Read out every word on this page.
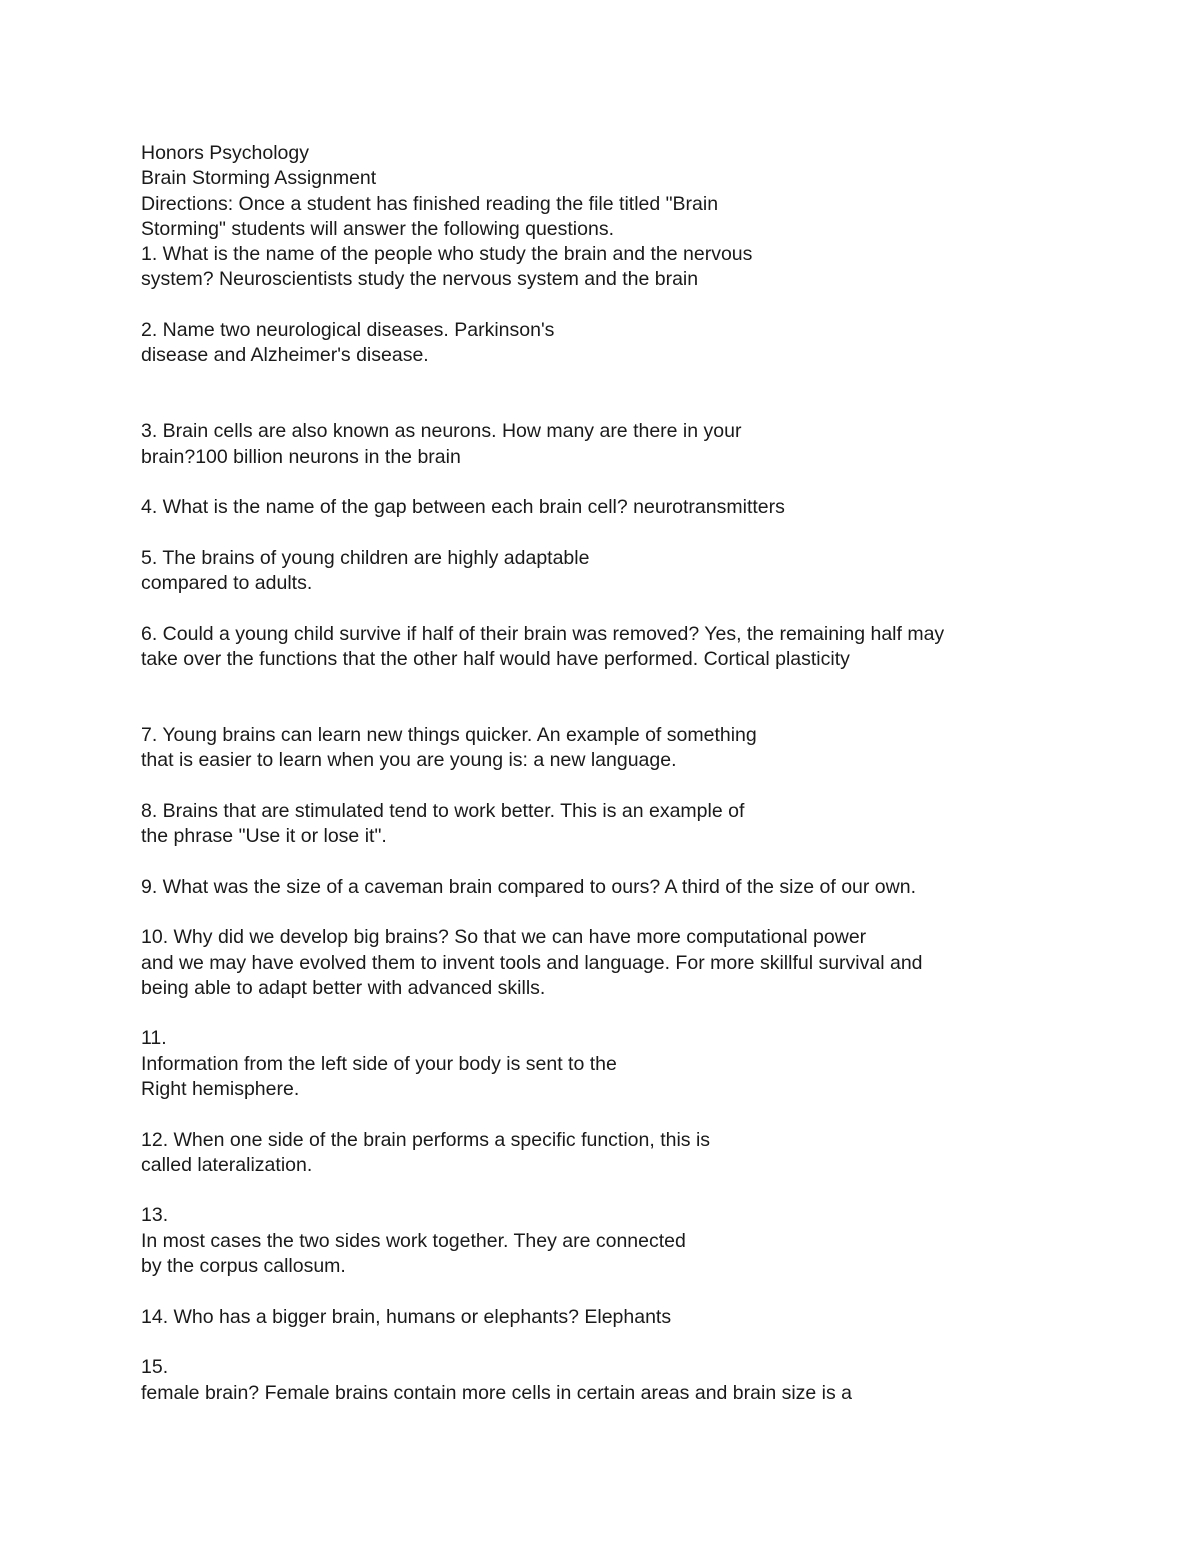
Honors Psychology
Brain Storming Assignment
Directions: Once a student has finished reading the file titled "Brain
Storming" students will answer the following questions.
1. What is the name of the people who study the brain and the nervous
system? Neuroscientists study the nervous system and the brain
2. Name two neurological diseases. Parkinson's
disease and Alzheimer's disease.
3. Brain cells are also known as neurons. How many are there in your
brain?100 billion neurons in the brain
4. What is the name of the gap between each brain cell? neurotransmitters
5. The brains of young children are highly adaptable
compared to adults.
6. Could a young child survive if half of their brain was removed? Yes, the remaining half may
take over the functions that the other half would have performed. Cortical plasticity
7. Young brains can learn new things quicker. An example of something
that is easier to learn when you are young is: a new language.
8. Brains that are stimulated tend to work better. This is an example of
the phrase "Use it or lose it".
9. What was the size of a caveman brain compared to ours? A third of the size of our own.
10. Why did we develop big brains? So that we can have more computational power
and we may have evolved them to invent tools and language. For more skillful survival and
being able to adapt better with advanced skills.
11.
Information from the left side of your body is sent to the
Right hemisphere.
12. When one side of the brain performs a specific function, this is
called lateralization.
13.
In most cases the two sides work together. They are connected
by the corpus callosum.
14. Who has a bigger brain, humans or elephants? Elephants
15.
female brain? Female brains contain more cells in certain areas and brain size is a
